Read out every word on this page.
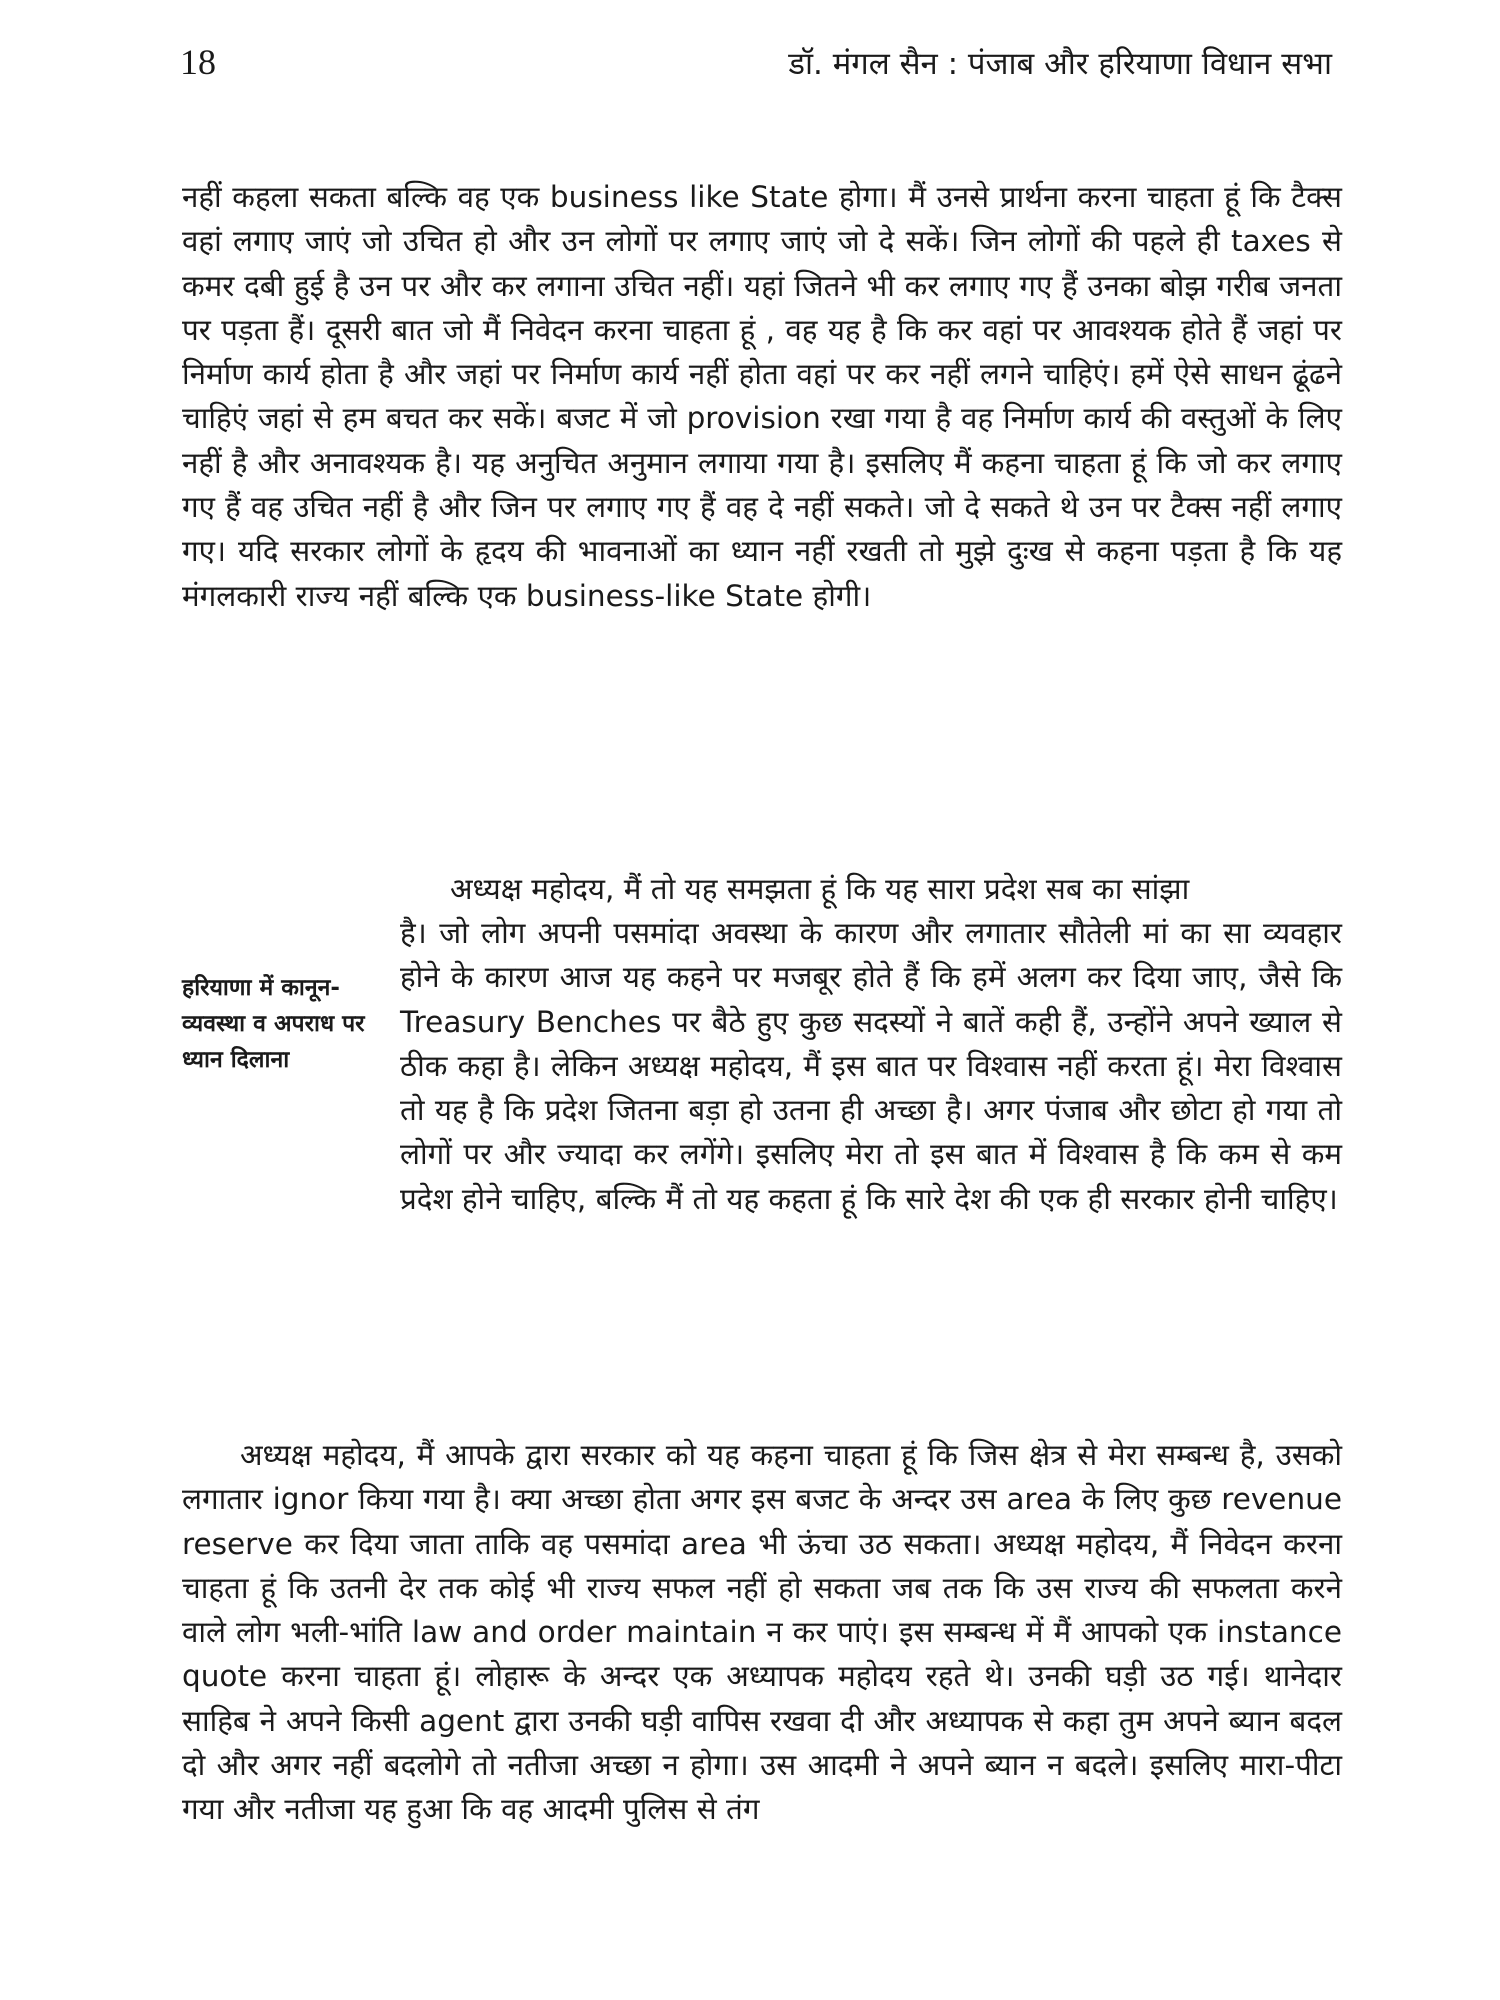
18	डॉ. मंगल सैन : पंजाब और हरियाणा विधान सभा

नहीं कहला सकता बल्कि वह एक business like State होगा। मैं उनसे प्रार्थना करना चाहता हूं कि टैक्स वहां लगाए जाएं जो उचित हो और उन लोगों पर लगाए जाएं जो दे सकें। जिन लोगों की पहले ही taxes से कमर दबी हुई है उन पर और कर लगाना उचित नहीं। यहां जितने भी कर लगाए गए हैं उनका बोझ गरीब जनता पर पड़ता हैं। दूसरी बात जो मैं निवेदन करना चाहता हूं , वह यह है कि कर वहां पर आवश्यक होते हैं जहां पर निर्माण कार्य होता है और जहां पर निर्माण कार्य नहीं होता वहां पर कर नहीं लगने चाहिएं। हमें ऐसे साधन ढूंढने चाहिएं जहां से हम बचत कर सकें। बजट में जो provision रखा गया है वह निर्माण कार्य की वस्तुओं के लिए नहीं है और अनावश्यक है। यह अनुचित अनुमान लगाया गया है। इसलिए मैं कहना चाहता हूं कि जो कर लगाए गए हैं वह उचित नहीं है और जिन पर लगाए गए हैं वह दे नहीं सकते। जो दे सकते थे उन पर टैक्स नहीं लगाए गए। यदि सरकार लोगों के हृदय की भावनाओं का ध्यान नहीं रखती तो मुझे दुःख से कहना पड़ता है कि यह मंगलकारी राज्य नहीं बल्कि एक business-like State होगी।

अध्यक्ष महोदय, मैं तो यह समझता हूं कि यह सारा प्रदेश सब का सांझा

हरियाणा में कानून-व्यवस्था व अपराध पर ध्यान दिलाना

है। जो लोग अपनी पसमांदा अवस्था के कारण और लगातार सौतेली मां का सा व्यवहार होने के कारण आज यह कहने पर मजबूर होते हैं कि हमें अलग कर दिया जाए, जैसे कि Treasury Benches पर बैठे हुए कुछ सदस्यों ने बातें कही हैं, उन्होंने अपने ख्याल से ठीक कहा है। लेकिन अध्यक्ष महोदय, मैं इस बात पर विश्वास नहीं करता हूं। मेरा विश्वास तो यह है कि प्रदेश जितना बड़ा हो उतना ही अच्छा है। अगर पंजाब और छोटा हो गया तो लोगों पर और ज्यादा कर लगेंगे। इसलिए मेरा तो इस बात में विश्वास है कि कम से कम प्रदेश होने चाहिए, बल्कि मैं तो यह कहता हूं कि सारे देश की एक ही सरकार होनी चाहिए।

अध्यक्ष महोदय, मैं आपके द्वारा सरकार को यह कहना चाहता हूं कि जिस क्षेत्र से मेरा सम्बन्ध है, उसको लगातार ignor किया गया है। क्या अच्छा होता अगर इस बजट के अन्दर उस area के लिए कुछ revenue reserve कर दिया जाता ताकि वह पसमांदा area भी ऊंचा उठ सकता। अध्यक्ष महोदय, मैं निवेदन करना चाहता हूं कि उतनी देर तक कोई भी राज्य सफल नहीं हो सकता जब तक कि उस राज्य की सफलता करने वाले लोग भली-भांति law and order maintain न कर पाएं। इस सम्बन्ध में मैं आपको एक instance quote करना चाहता हूं। लोहारू के अन्दर एक अध्यापक महोदय रहते थे। उनकी घड़ी उठ गई। थानेदार साहिब ने अपने किसी agent द्वारा उनकी घड़ी वापिस रखवा दी और अध्यापक से कहा तुम अपने ब्यान बदल दो और अगर नहीं बदलोगे तो नतीजा अच्छा न होगा। उस आदमी ने अपने ब्यान न बदले। इसलिए मारा-पीटा गया और नतीजा यह हुआ कि वह आदमी पुलिस से तंग
